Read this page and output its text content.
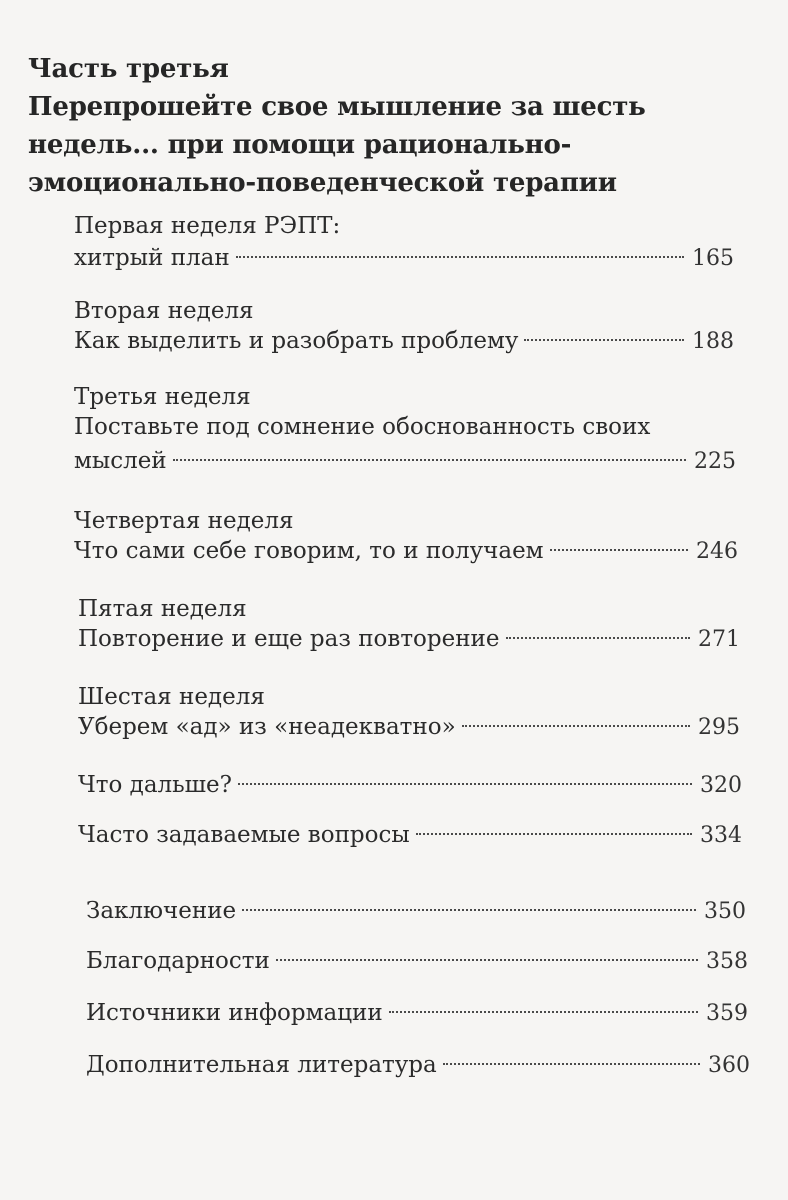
Часть третья
Перепрошейте свое мышление за шесть
недель... при помощи рационально-
эмоционально-поведенческой терапии
Первая неделя РЭПТ:
хитрый план	165
Вторая неделя
Как выделить и разобрать проблему	188
Третья неделя
Поставьте под сомнение обоснованность своих
мыслей	225
Четвертая неделя
Что сами себе говорим, то и получаем	246
Пятая неделя
Повторение и еще раз повторение	271
Шестая неделя
Уберем «ад» из «неадекватно»	295
Что дальше?	320
Часто задаваемые вопросы	334
Заключение	350
Благодарности	358
Источники информации	359
Дополнительная литература	360
